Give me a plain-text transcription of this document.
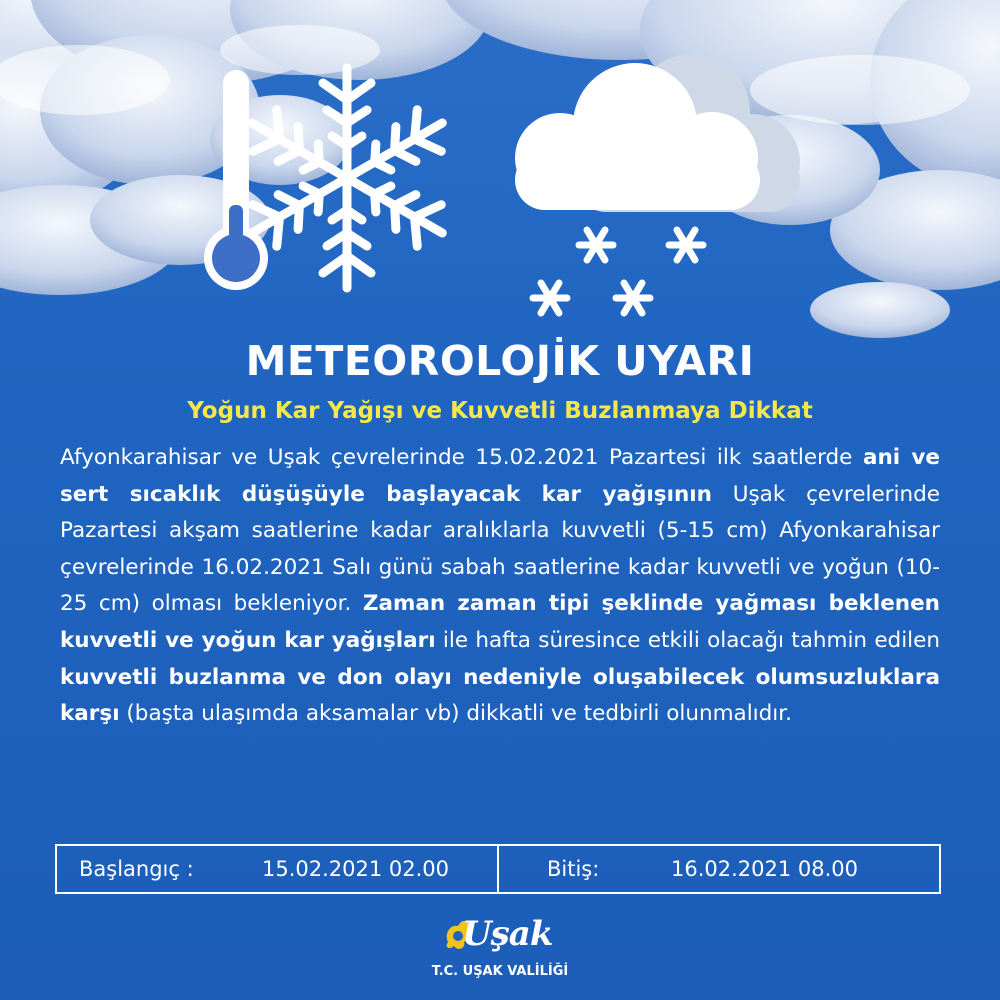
METEOROLOJİK UYARI
Yoğun Kar Yağışı ve Kuvvetli Buzlanmaya Dikkat
Afyonkarahisar ve Uşak çevrelerinde 15.02.2021 Pazartesi ilk saatlerde ani ve sert sıcaklık düşüşüyle başlayacak kar yağışının Uşak çevrelerinde Pazartesi akşam saatlerine kadar aralıklarla kuvvetli (5-15 cm) Afyonkarahisar çevrelerinde 16.02.2021 Salı günü sabah saatlerine kadar kuvvetli ve yoğun (10-25 cm) olması bekleniyor. Zaman zaman tipi şeklinde yağması beklenen kuvvetli ve yoğun kar yağışları ile hafta süresince etkili olacağı tahmin edilen kuvvetli buzlanma ve don olayı nedeniyle oluşabilecek olumsuzluklara karşı (başta ulaşımda aksamalar vb) dikkatli ve tedbirli olunmalıdır.
Başlangıç :	15.02.2021 02.00	Bitiş:	16.02.2021 08.00
Uşak
T.C. UŞAK VALİLİĞİ
